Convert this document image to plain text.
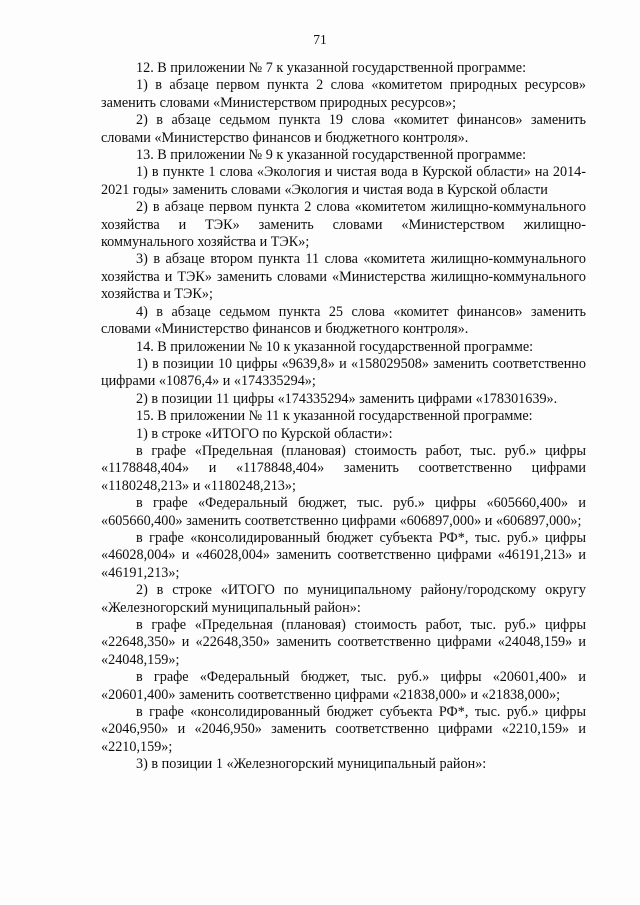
71

12. В приложении № 7 к указанной государственной программе:

1) в абзаце первом пункта 2 слова «комитетом природных ресурсов» заменить словами «Министерством природных ресурсов»;

2) в абзаце седьмом пункта 19 слова «комитет финансов» заменить словами «Министерство финансов и бюджетного контроля».

13. В приложении № 9 к указанной государственной программе:

1) в пункте 1 слова «Экология и чистая вода в Курской области» на 2014-2021 годы» заменить словами «Экология и чистая вода в Курской области

2) в абзаце первом пункта 2 слова «комитетом жилищно-коммунального хозяйства и ТЭК» заменить словами «Министерством жилищно-коммунального хозяйства и ТЭК»;

3) в абзаце втором пункта 11 слова «комитета жилищно-коммунального хозяйства и ТЭК» заменить словами «Министерства жилищно-коммунального хозяйства и ТЭК»;

4) в абзаце седьмом пункта 25 слова «комитет финансов» заменить словами «Министерство финансов и бюджетного контроля».

14. В приложении № 10 к указанной государственной программе:

1) в позиции 10 цифры «9639,8» и «158029508» заменить соответственно цифрами «10876,4» и «174335294»;

2) в позиции 11 цифры «174335294» заменить цифрами «178301639».

15. В приложении № 11 к указанной государственной программе:

1) в строке «ИТОГО по Курской области»:

в графе «Предельная (плановая) стоимость работ, тыс. руб.» цифры «1178848,404» и «1178848,404» заменить соответственно цифрами «1180248,213» и «1180248,213»;

в графе «Федеральный бюджет, тыс. руб.» цифры «605660,400» и «605660,400» заменить соответственно цифрами «606897,000» и «606897,000»;

в графе «консолидированный бюджет субъекта РФ*, тыс. руб.» цифры «46028,004» и «46028,004» заменить соответственно цифрами «46191,213» и «46191,213»;

2) в строке «ИТОГО по муниципальному району/городскому округу «Железногорский муниципальный район»:

в графе «Предельная (плановая) стоимость работ, тыс. руб.» цифры «22648,350» и «22648,350» заменить соответственно цифрами «24048,159» и «24048,159»;

в графе «Федеральный бюджет, тыс. руб.» цифры «20601,400» и «20601,400» заменить соответственно цифрами «21838,000» и «21838,000»;

в графе «консолидированный бюджет субъекта РФ*, тыс. руб.» цифры «2046,950» и «2046,950» заменить соответственно цифрами «2210,159» и «2210,159»;

3) в позиции 1 «Железногорский муниципальный район»:
